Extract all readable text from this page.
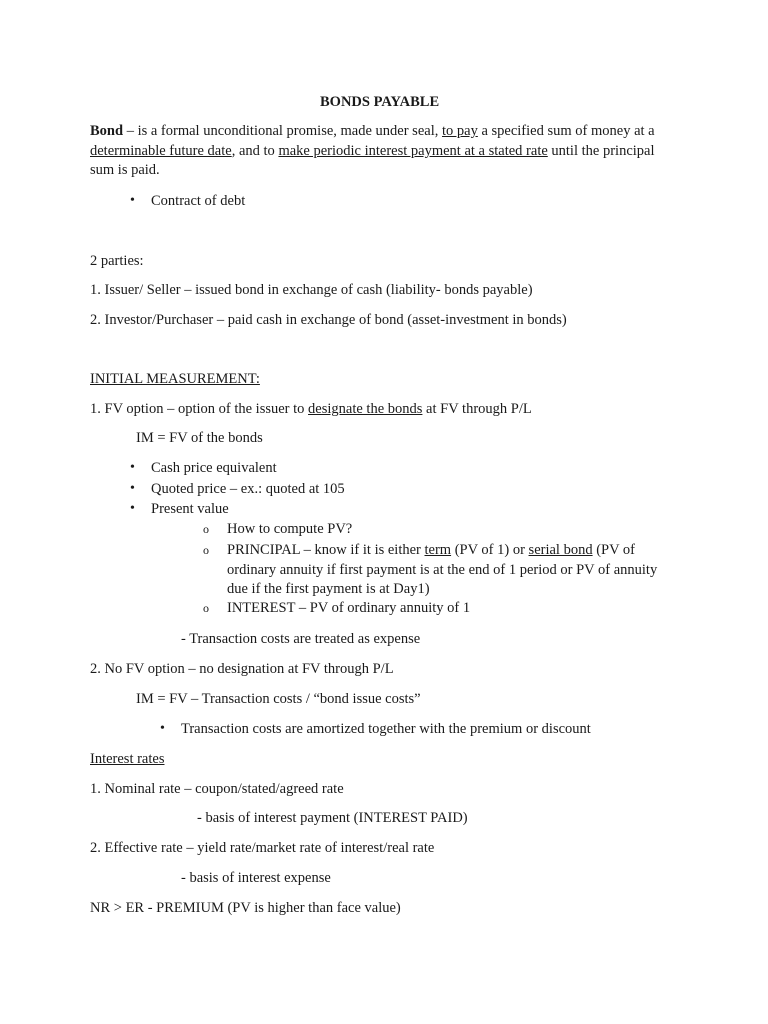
BONDS PAYABLE
Bond – is a formal unconditional promise, made under seal, to pay a specified sum of money at a
determinable future date, and to make periodic interest payment at a stated rate until the principal
sum is paid.
• Contract of debt
2 parties:
1. Issuer/ Seller – issued bond in exchange of cash (liability- bonds payable)
2. Investor/Purchaser – paid cash in exchange of bond (asset-investment in bonds)
INITIAL MEASUREMENT:
1. FV option – option of the issuer to designate the bonds at FV through P/L
IM = FV of the bonds
• Cash price equivalent
• Quoted price – ex.: quoted at 105
• Present value
o How to compute PV?
o PRINCIPAL – know if it is either term (PV of 1) or serial bond (PV of
ordinary annuity if first payment is at the end of 1 period or PV of annuity
due if the first payment is at Day1)
o INTEREST – PV of ordinary annuity of 1
- Transaction costs are treated as expense
2. No FV option – no designation at FV through P/L
IM = FV – Transaction costs / “bond issue costs”
• Transaction costs are amortized together with the premium or discount
Interest rates
1. Nominal rate – coupon/stated/agreed rate
- basis of interest payment (INTEREST PAID)
2. Effective rate – yield rate/market rate of interest/real rate
- basis of interest expense
NR > ER - PREMIUM (PV is higher than face value)
